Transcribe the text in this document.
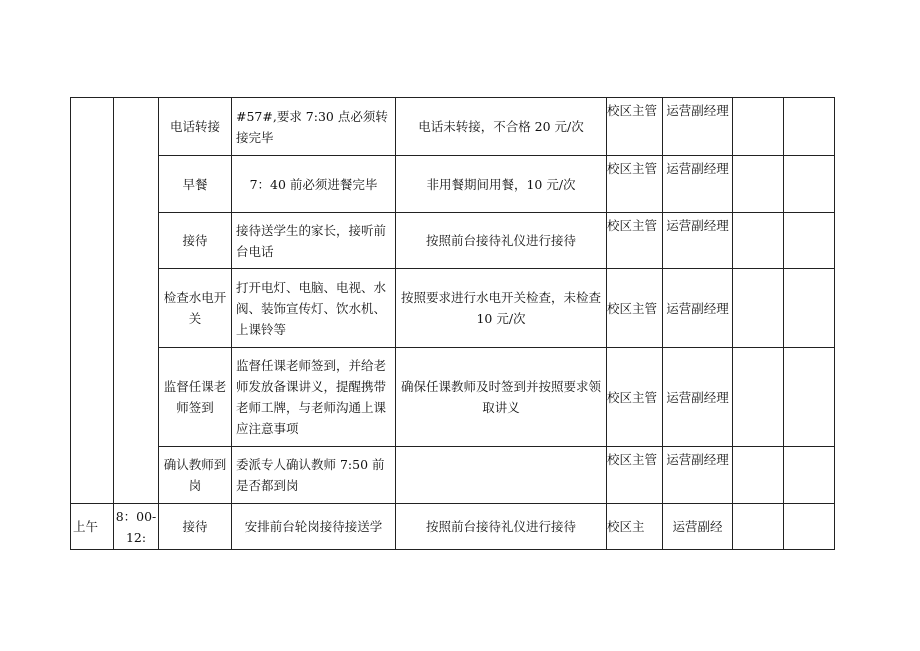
		电话转接	#57#,要求 7:30 点必须转接完毕	电话未转接，不合格 20 元/次	校区主管	运营副经理		
		早餐	7：40 前必须进餐完毕	非用餐期间用餐，10 元/次	校区主管	运营副经理		
		接待	接待送学生的家长，接听前台电话	按照前台接待礼仪进行接待	校区主管	运营副经理		
		检查水电开关	打开电灯、电脑、电视、水阀、装饰宣传灯、饮水机、上课铃等	按照要求进行水电开关检查，未检查 10 元/次	校区主管	运营副经理		
		监督任课老师签到	监督任课老师签到，并给老师发放备课讲义，提醒携带老师工牌，与老师沟通上课应注意事项	确保任课教师及时签到并按照要求领取讲义	校区主管	运营副经理		
		确认教师到岗	委派专人确认教师 7:50 前是否都到岗		校区主管	运营副经理		
上午	8：00-12:	接待	安排前台轮岗接待接送学	按照前台接待礼仪进行接待	校区主	运营副经		
